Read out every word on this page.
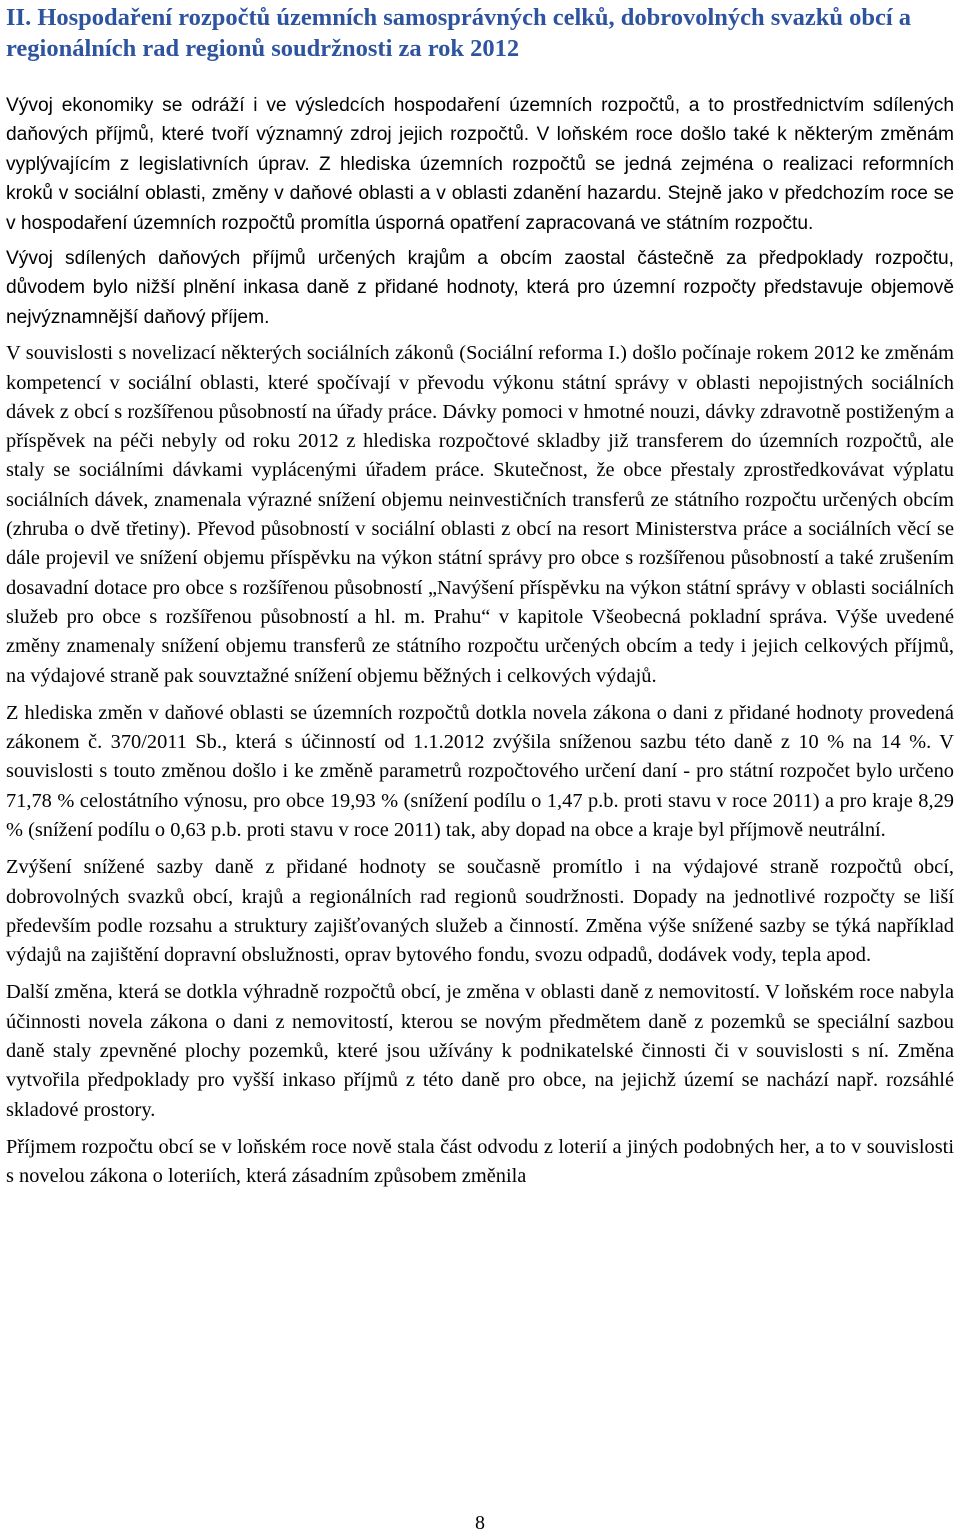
II. Hospodaření rozpočtů územních samosprávných celků, dobrovolných svazků obcí a regionálních rad regionů soudržnosti za rok 2012

Vývoj ekonomiky se odráží i ve výsledcích hospodaření územních rozpočtů, a to prostřednictvím sdílených daňových příjmů, které tvoří významný zdroj jejich rozpočtů. V loňském roce došlo také k některým změnám vyplývajícím z legislativních úprav. Z hlediska územních rozpočtů se jedná zejména o realizaci reformních kroků v sociální oblasti, změny v daňové oblasti a v oblasti zdanění hazardu. Stejně jako v předchozím roce se v hospodaření územních rozpočtů promítla úsporná opatření zapracovaná ve státním rozpočtu.

Vývoj sdílených daňových příjmů určených krajům a obcím zaostal částečně za předpoklady rozpočtu, důvodem bylo nižší plnění inkasa daně z přidané hodnoty, která pro územní rozpočty představuje objemově nejvýznamnější daňový příjem.

V souvislosti s novelizací některých sociálních zákonů (Sociální reforma I.) došlo počínaje rokem 2012 ke změnám kompetencí v sociální oblasti, které spočívají v převodu výkonu státní správy v oblasti nepojistných sociálních dávek z obcí s rozšířenou působností na úřady práce. Dávky pomoci v hmotné nouzi, dávky zdravotně postiženým a příspěvek na péči nebyly od roku 2012 z hlediska rozpočtové skladby již transferem do územních rozpočtů, ale staly se sociálními dávkami vyplácenými úřadem práce. Skutečnost, že obce přestaly zprostředkovávat výplatu sociálních dávek, znamenala výrazné snížení objemu neinvestičních transferů ze státního rozpočtu určených obcím (zhruba o dvě třetiny). Převod působností v sociální oblasti z obcí na resort Ministerstva práce a sociálních věcí se dále projevil ve snížení objemu příspěvku na výkon státní správy pro obce s rozšířenou působností a také zrušením dosavadní dotace pro obce s rozšířenou působností „Navýšení příspěvku na výkon státní správy v oblasti sociálních služeb pro obce s rozšířenou působností a hl. m. Prahu“ v kapitole Všeobecná pokladní správa. Výše uvedené změny znamenaly snížení objemu transferů ze státního rozpočtu určených obcím a tedy i jejich celkových příjmů, na výdajové straně pak souvztažné snížení objemu běžných i celkových výdajů.

Z hlediska změn v daňové oblasti se územních rozpočtů dotkla novela zákona o dani z přidané hodnoty provedená zákonem č. 370/2011 Sb., která s účinností od 1.1.2012 zvýšila sníženou sazbu této daně z 10 % na 14 %. V souvislosti s touto změnou došlo i ke změně parametrů rozpočtového určení daní - pro státní rozpočet bylo určeno 71,78 % celostátního výnosu, pro obce 19,93 % (snížení podílu o 1,47 p.b. proti stavu v roce 2011) a pro kraje 8,29 % (snížení podílu o 0,63 p.b. proti stavu v roce 2011) tak, aby dopad na obce a kraje byl příjmově neutrální.

Zvýšení snížené sazby daně z přidané hodnoty se současně promítlo i na výdajové straně rozpočtů obcí, dobrovolných svazků obcí, krajů a regionálních rad regionů soudržnosti. Dopady na jednotlivé rozpočty se liší především podle rozsahu a struktury zajišťovaných služeb a činností. Změna výše snížené sazby se týká například výdajů na zajištění dopravní obslužnosti, oprav bytového fondu, svozu odpadů, dodávek vody, tepla apod.

Další změna, která se dotkla výhradně rozpočtů obcí, je změna v oblasti daně z nemovitostí. V loňském roce nabyla účinnosti novela zákona o dani z nemovitostí, kterou se novým předmětem daně z pozemků se speciální sazbou daně staly zpevněné plochy pozemků, které jsou užívány k podnikatelské činnosti či v souvislosti s ní. Změna vytvořila předpoklady pro vyšší inkaso příjmů z této daně pro obce, na jejichž území se nachází např. rozsáhlé skladové prostory.

Příjmem rozpočtu obcí se v loňském roce nově stala část odvodu z loterií a jiných podobných her, a to v souvislosti s novelou zákona o loteriích, která zásadním způsobem změnila

8
